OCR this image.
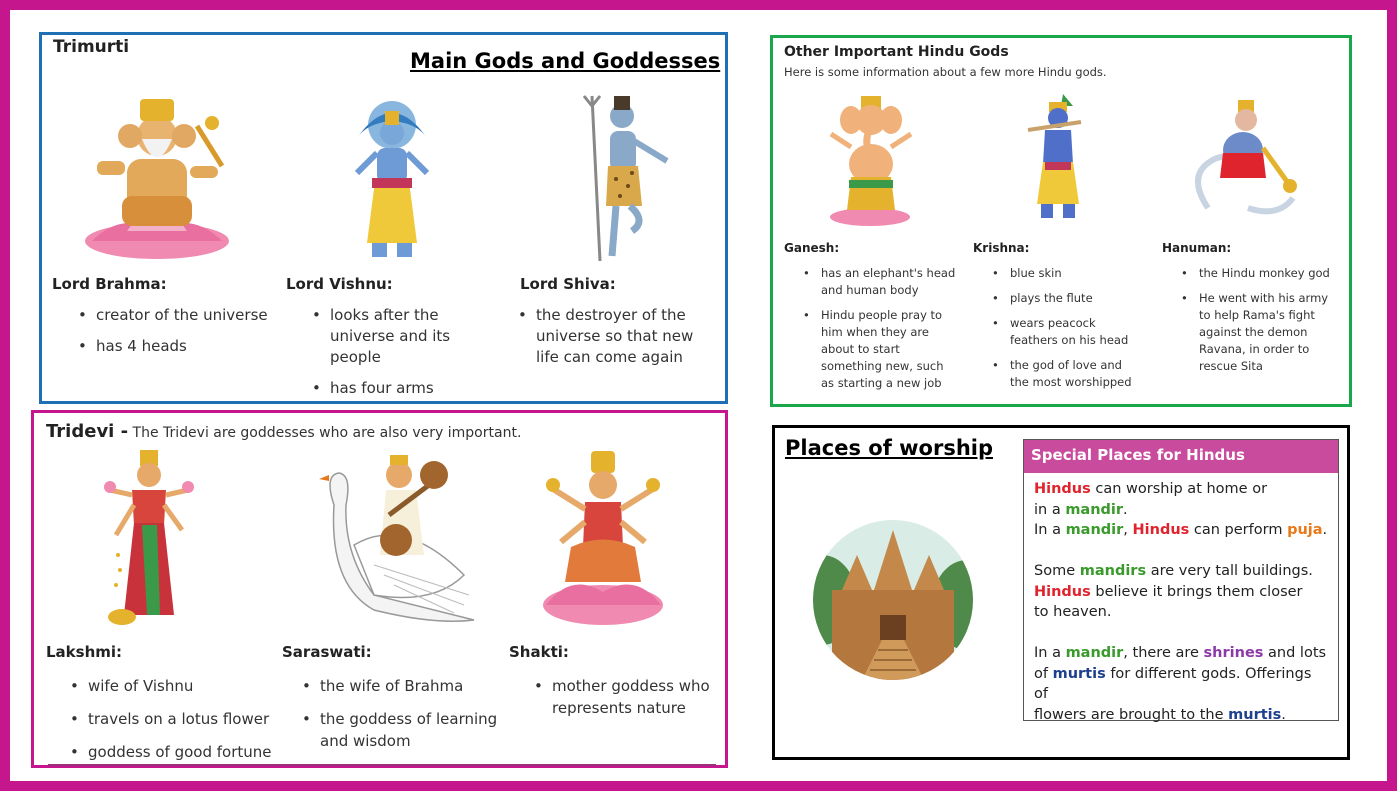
Trimurti
Main Gods and Goddesses
Lord Brahma:
• creator of the universe
• has 4 heads
Lord Vishnu:
• looks after the universe and its people
• has four arms
Lord Shiva:
• the destroyer of the universe so that new life can come again
Tridevi - The Tridevi are goddesses who are also very important.
Lakshmi:
• wife of Vishnu
• travels on a lotus flower
• goddess of good fortune
Saraswati:
• the wife of Brahma
• the goddess of learning and wisdom
Shakti:
• mother goddess who represents nature
Other Important Hindu Gods
Here is some information about a few more Hindu gods.
Ganesh:
• has an elephant's head and human body
• Hindu people pray to him when they are about to start something new, such as starting a new job
Krishna:
• blue skin
• plays the flute
• wears peacock feathers on his head
• the god of love and the most worshipped
Hanuman:
• the Hindu monkey god
• He went with his army to help Rama's fight against the demon Ravana, in order to rescue Sita
Places of worship	Special Places for Hindus
Hindus can worship at home or
in a mandir.
In a mandir, Hindus can perform puja.
Some mandirs are very tall buildings.
Hindus believe it brings them closer
to heaven.
In a mandir, there are shrines and lots
of murtis for different gods. Offerings of
flowers are brought to the murtis.
